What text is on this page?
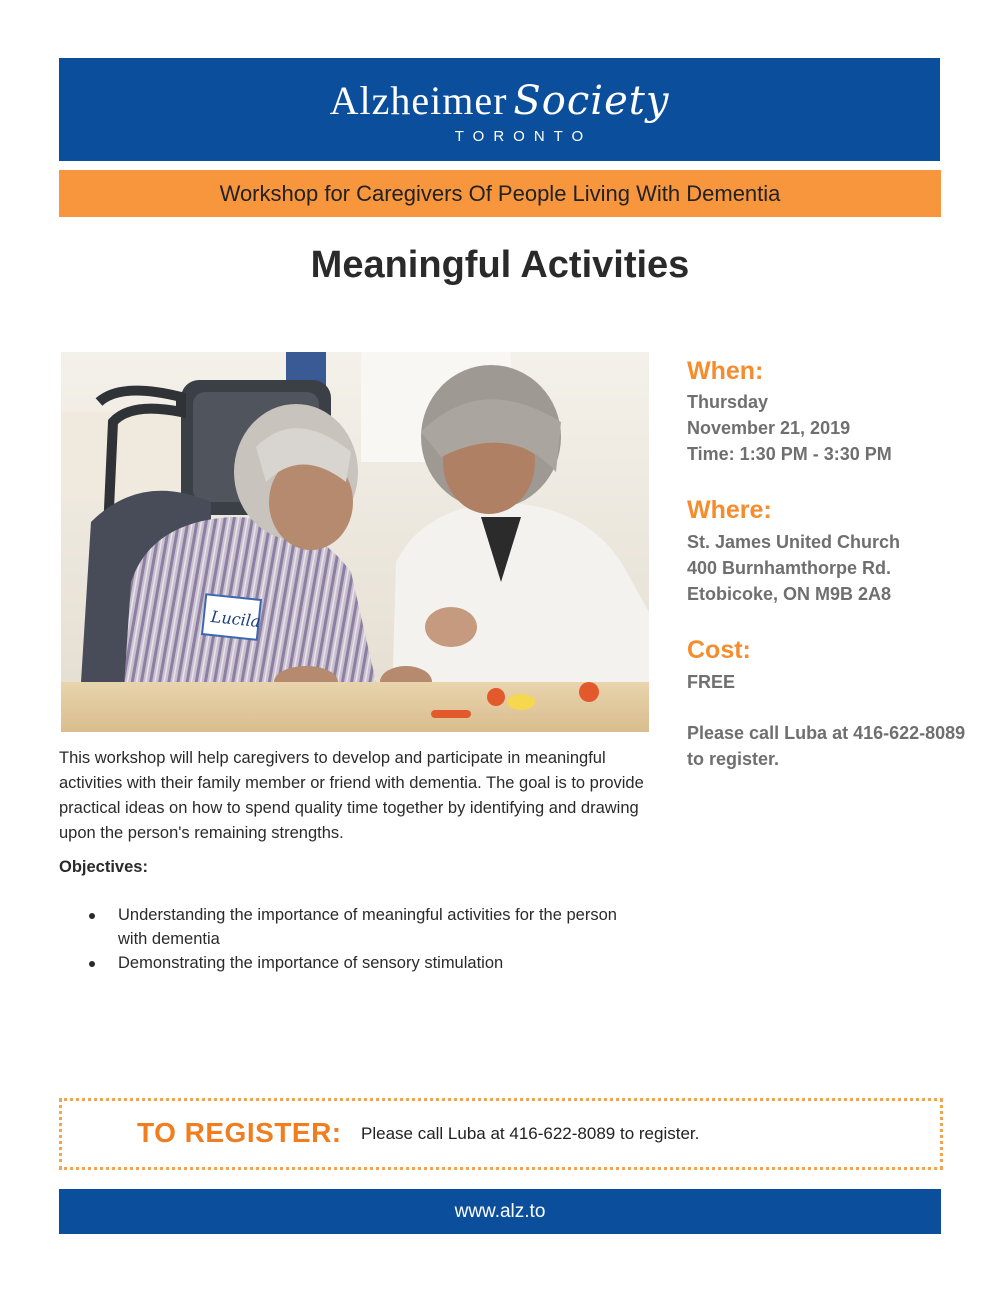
Alzheimer Society
TORONTO
Workshop for Caregivers Of People Living With Dementia
Meaningful Activities
Lucila
When:
Thursday
November 21, 2019
Time: 1:30 PM - 3:30 PM
Where:
St. James United Church
400 Burnhamthorpe Rd.
Etobicoke, ON M9B 2A8
Cost:
FREE
Please call Luba at 416-622-8089
to register.
This workshop will help caregivers to develop and participate in meaningful activities with their family member or friend with dementia. The goal is to provide practical ideas on how to spend quality time together by identifying and drawing upon the person's remaining strengths.
Objectives:
Understanding the importance of meaningful activities for the person with dementia
Demonstrating the importance of sensory stimulation
TO REGISTER: Please call Luba at 416-622-8089 to register.
www.alz.to
